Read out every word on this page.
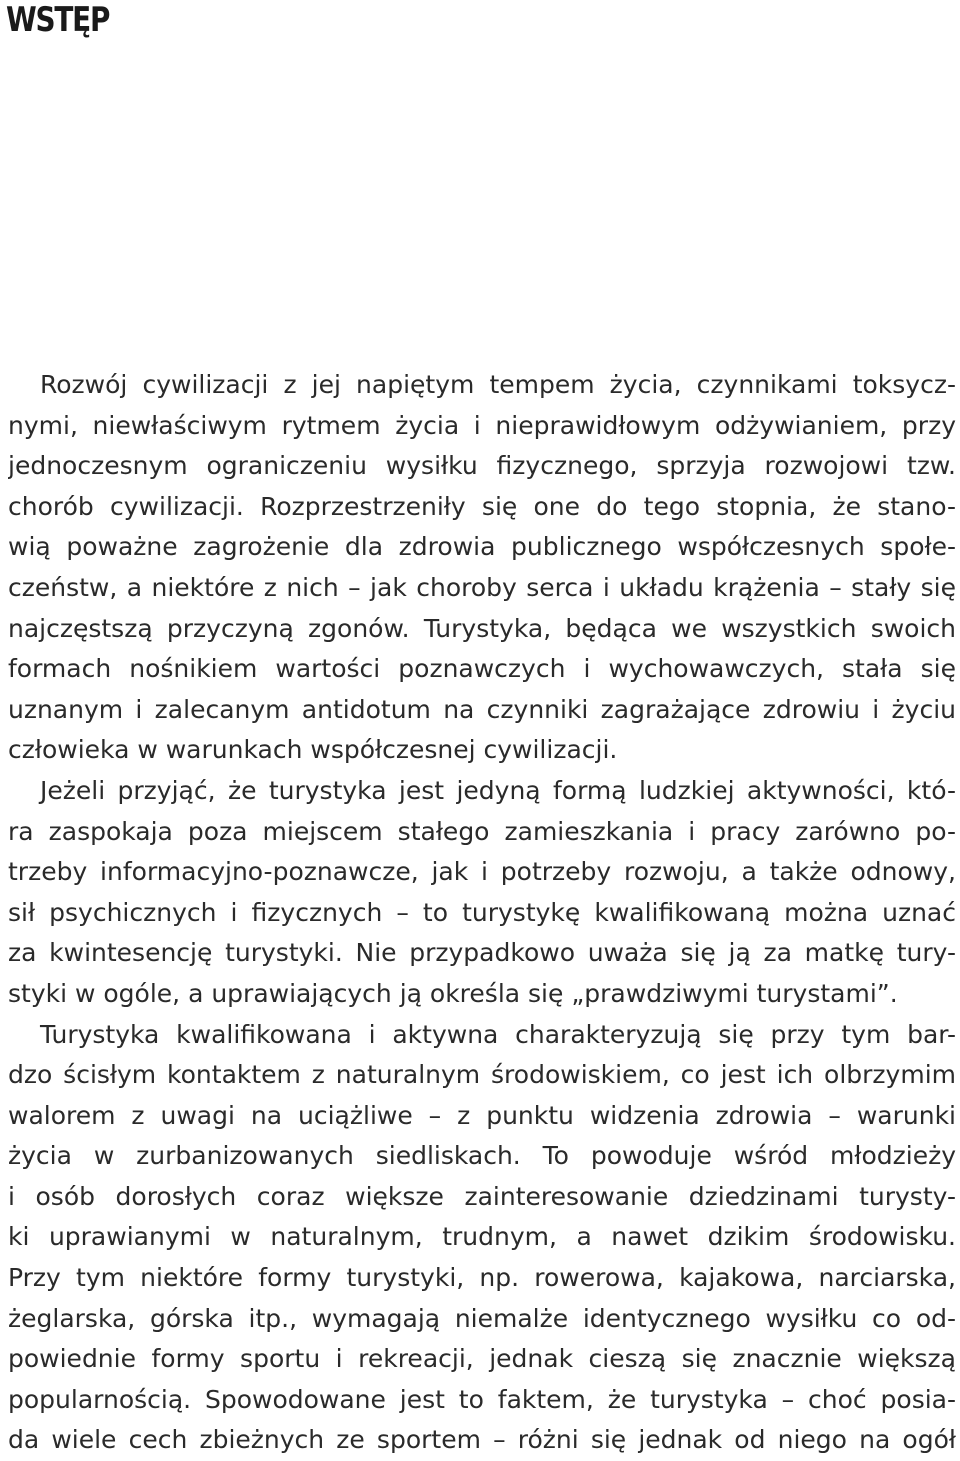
WSTĘP
Rozwój cywilizacji z jej napiętym tempem życia, czynnikami toksycz-
nymi, niewłaściwym rytmem życia i nieprawidłowym odżywianiem, przy
jednoczesnym ograniczeniu wysiłku fizycznego, sprzyja rozwojowi tzw.
chorób cywilizacji. Rozprzestrzeniły się one do tego stopnia, że stano-
wią poważne zagrożenie dla zdrowia publicznego współczesnych społe-
czeństw, a niektóre z nich – jak choroby serca i układu krążenia – stały się
najczęstszą przyczyną zgonów. Turystyka, będąca we wszystkich swoich
formach nośnikiem wartości poznawczych i wychowawczych, stała się
uznanym i zalecanym antidotum na czynniki zagrażające zdrowiu i życiu
człowieka w warunkach współczesnej cywilizacji.
Jeżeli przyjąć, że turystyka jest jedyną formą ludzkiej aktywności, któ-
ra zaspokaja poza miejscem stałego zamieszkania i pracy zarówno po-
trzeby informacyjno-poznawcze, jak i potrzeby rozwoju, a także odnowy,
sił psychicznych i fizycznych – to turystykę kwalifikowaną można uznać
za kwintesencję turystyki. Nie przypadkowo uważa się ją za matkę tury-
styki w ogóle, a uprawiających ją określa się „prawdziwymi turystami”.
Turystyka kwalifikowana i aktywna charakteryzują się przy tym bar-
dzo ścisłym kontaktem z naturalnym środowiskiem, co jest ich olbrzymim
walorem z uwagi na uciążliwe – z punktu widzenia zdrowia – warunki
życia w zurbanizowanych siedliskach. To powoduje wśród młodzieży
i osób dorosłych coraz większe zainteresowanie dziedzinami turysty-
ki uprawianymi w naturalnym, trudnym, a nawet dzikim środowisku.
Przy tym niektóre formy turystyki, np. rowerowa, kajakowa, narciarska,
żeglarska, górska itp., wymagają niemalże identycznego wysiłku co od-
powiednie formy sportu i rekreacji, jednak cieszą się znacznie większą
popularnością. Spowodowane jest to faktem, że turystyka – choć posia-
da wiele cech zbieżnych ze sportem – różni się jednak od niego na ogół
